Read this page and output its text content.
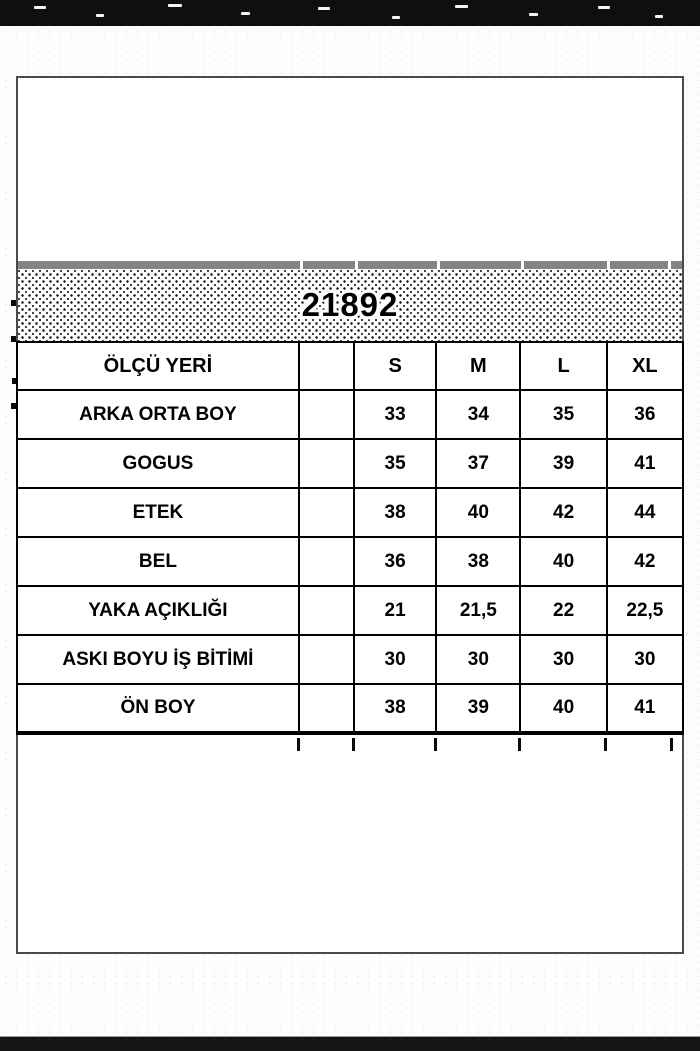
21892
ÖLÇÜ YERİ		S	M	L	XL
ARKA ORTA BOY		33	34	35	36
GOGUS		35	37	39	41
ETEK		38	40	42	44
BEL		36	38	40	42
YAKA AÇIKLIĞI		21	21,5	22	22,5
ASKI BOYU İŞ BİTİMİ		30	30	30	30
ÖN BOY		38	39	40	41
